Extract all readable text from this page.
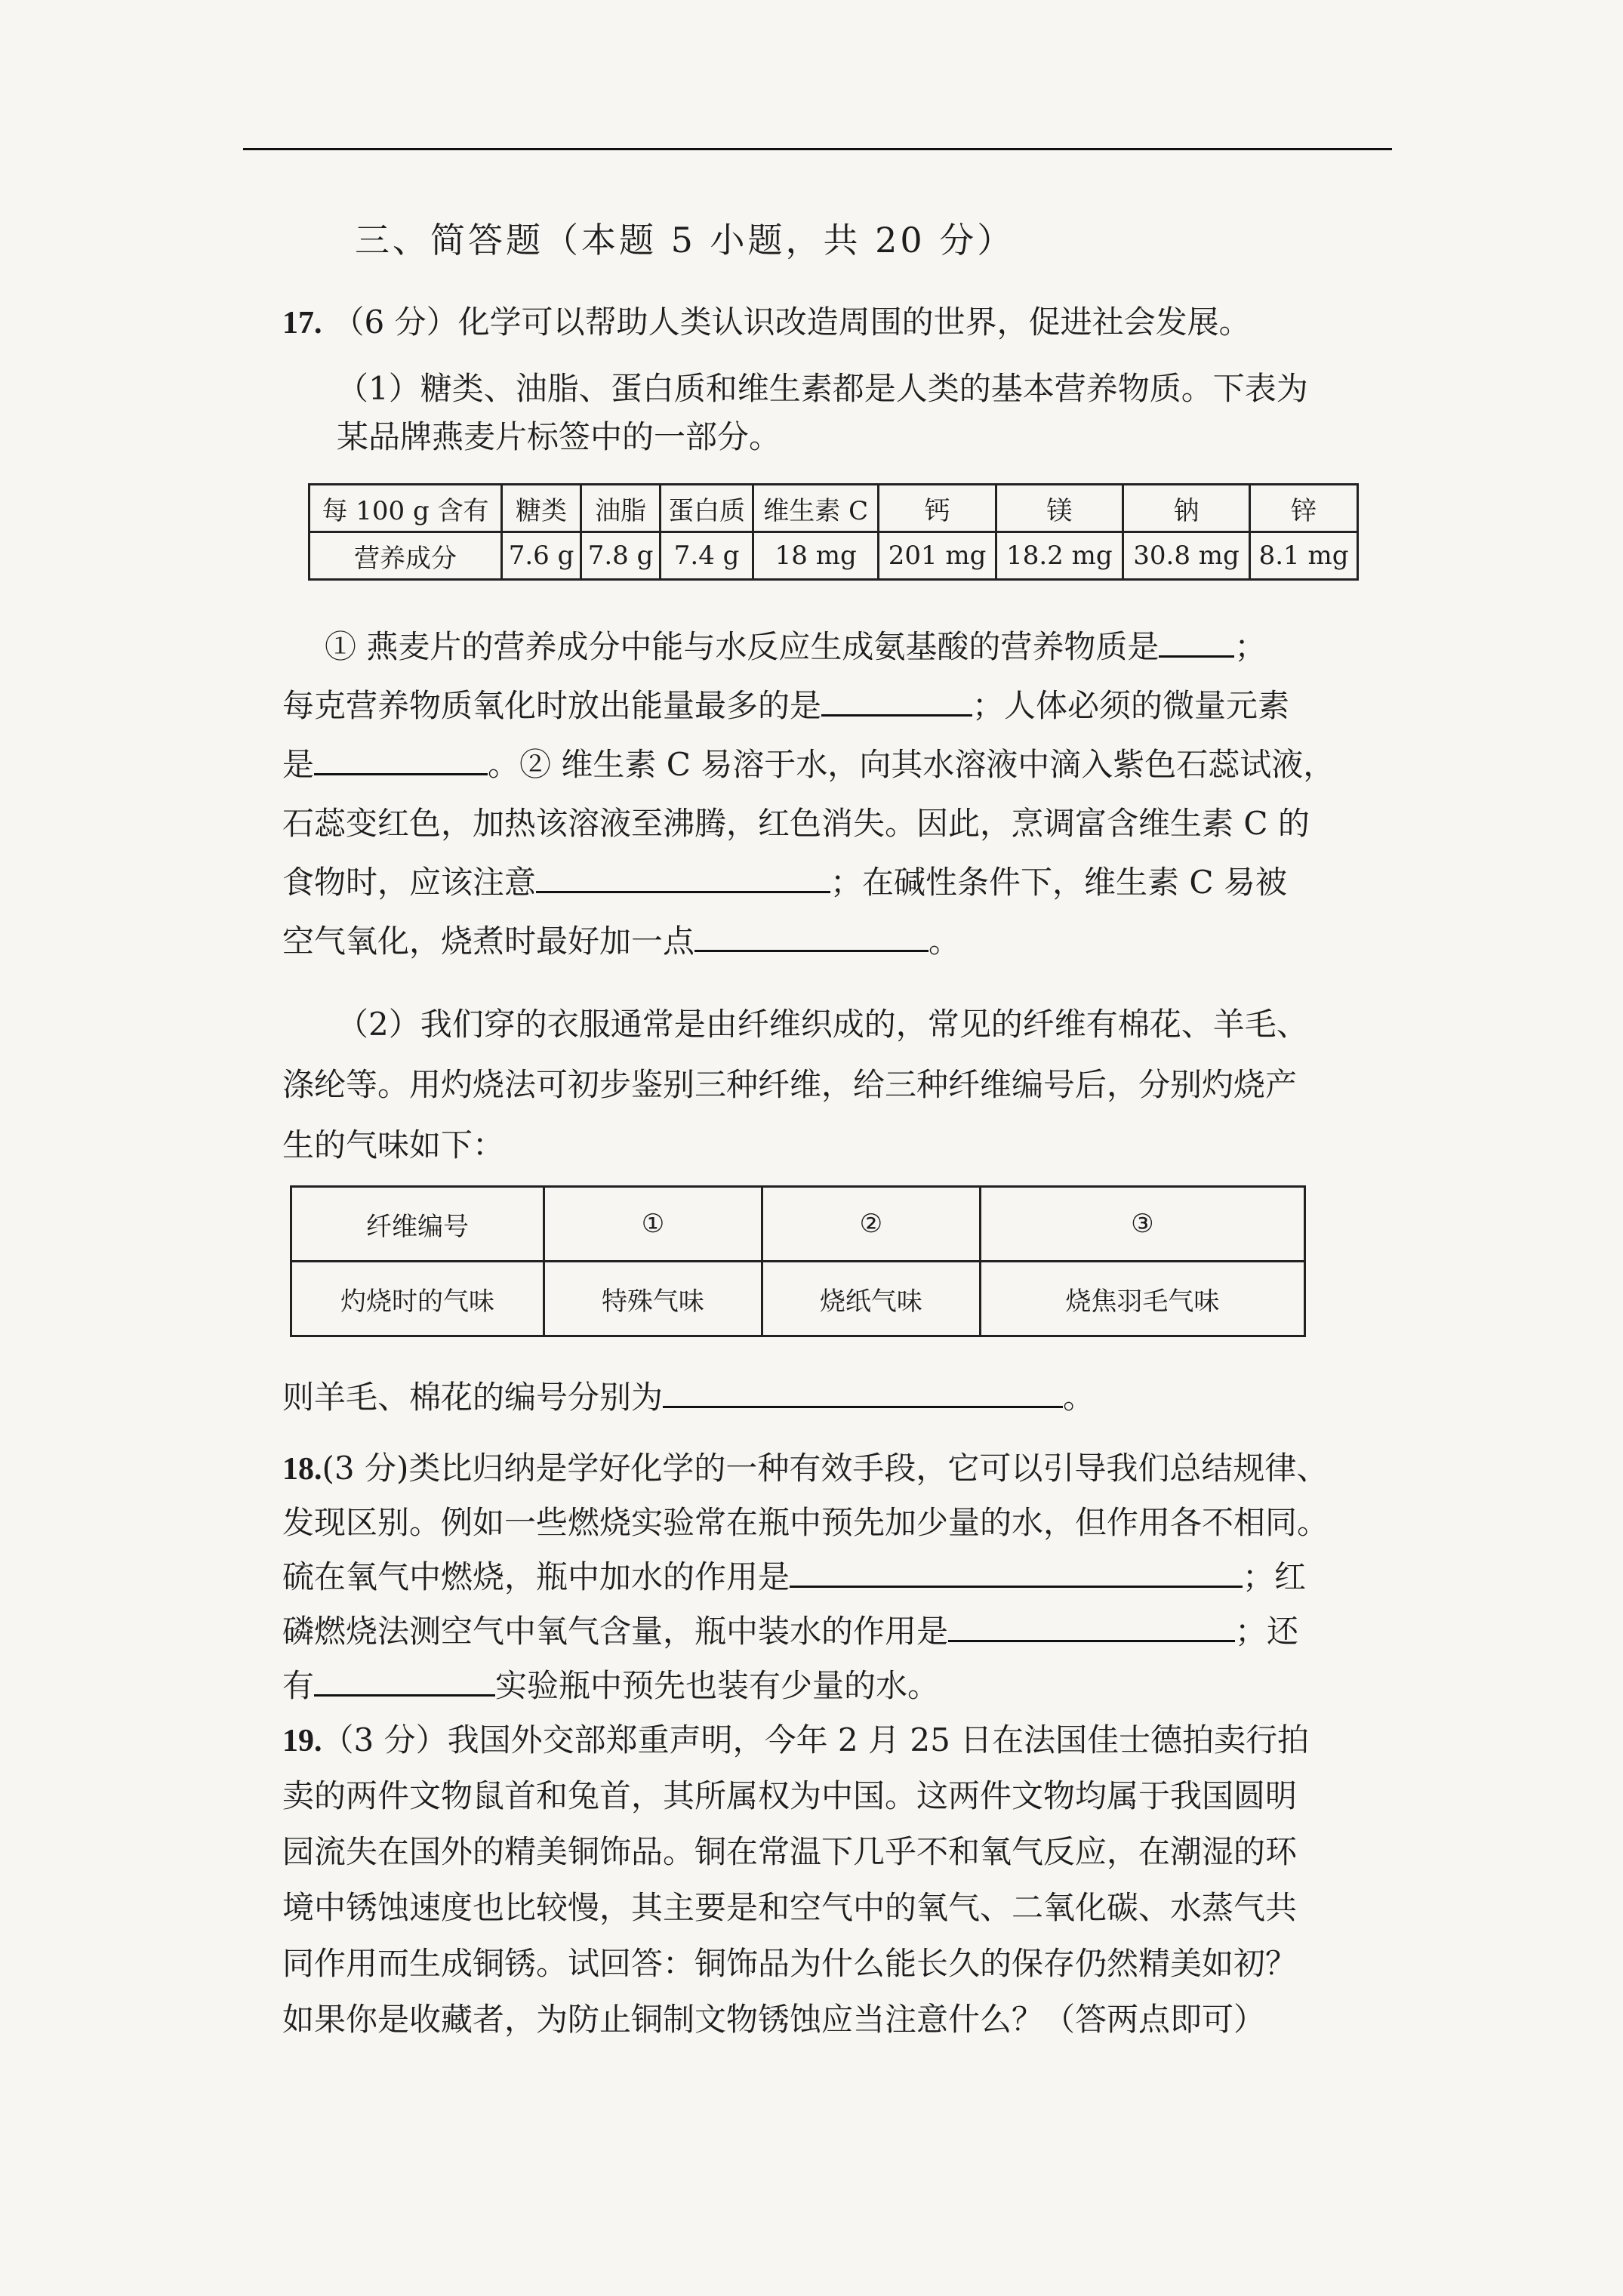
三、简答题（本题 5 小题，共 20 分）
17. （6 分）化学可以帮助人类认识改造周围的世界，促进社会发展。
（1）糖类、油脂、蛋白质和维生素都是人类的基本营养物质。下表为
某品牌燕麦片标签中的一部分。
每 100 g 含有	糖类	油脂	蛋白质	维生素 C	钙	镁	钠	锌
营养成分	7.6 g	7.8 g	7.4 g	18 mg	201 mg	18.2 mg	30.8 mg	8.1 mg
① 燕麦片的营养成分中能与水反应生成氨基酸的营养物质是 ；
每克营养物质氧化时放出能量最多的是	；人体必须的微量元素
是	。② 维生素 C 易溶于水，向其水溶液中滴入紫色石蕊试液，
石蕊变红色，加热该溶液至沸腾，红色消失。因此，烹调富含维生素 C 的
食物时，应该注意	；在碱性条件下，维生素 C 易被
空气氧化，烧煮时最好加一点	。
（2）我们穿的衣服通常是由纤维织成的，常见的纤维有棉花、羊毛、
涤纶等。用灼烧法可初步鉴别三种纤维，给三种纤维编号后，分别灼烧产
生的气味如下：
纤维编号	①	②	③
灼烧时的气味	特殊气味	烧纸气味	烧焦羽毛气味
则羊毛、棉花的编号分别为	。
18.(3 分)类比归纳是学好化学的一种有效手段，它可以引导我们总结规律、
发现区别。例如一些燃烧实验常在瓶中预先加少量的水，但作用各不相同。
硫在氧气中燃烧，瓶中加水的作用是	；红
磷燃烧法测空气中氧气含量，瓶中装水的作用是	；还
有	实验瓶中预先也装有少量的水。
19.（3 分）我国外交部郑重声明，今年 2 月 25 日在法国佳士德拍卖行拍
卖的两件文物鼠首和兔首，其所属权为中国。这两件文物均属于我国圆明
园流失在国外的精美铜饰品。铜在常温下几乎不和氧气反应，在潮湿的环
境中锈蚀速度也比较慢，其主要是和空气中的氧气、二氧化碳、水蒸气共
同作用而生成铜锈。试回答：铜饰品为什么能长久的保存仍然精美如初？
如果你是收藏者，为防止铜制文物锈蚀应当注意什么？（答两点即可）
